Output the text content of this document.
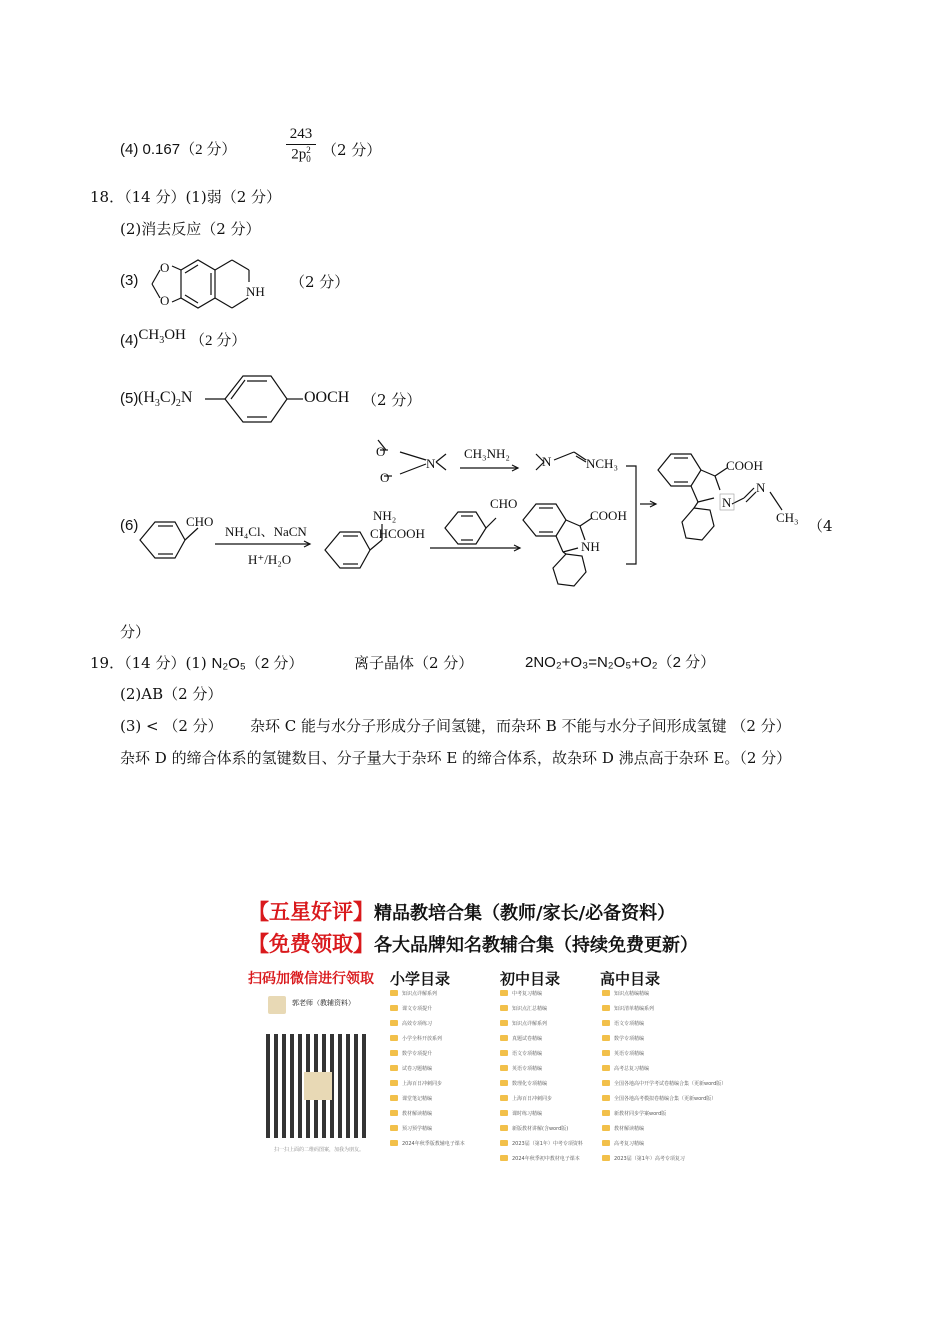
(4) 0.167（2 分）
243
2p 2
0 （2 分）
18．（14 分）(1)弱（2 分）
(2)消去反应（2 分）
(3)
O
O
NH
（2 分）
$(4)CH_3OH$ （2 分）
(5) $(H_3C)_2N$	OOCH （2 分）
(6)	CHO
NH₄Cl、NaCN
H⁺/H₂O
NH₂
CHCOOH
CHO
COOH
NH
O
O
N
CH₃NH₂
N	NCH₃	COOH
N
N
CH₃ （4
分）
19．（14 分）(1) N₂O₅（2 分）	离子晶体（2 分）	2NO₂+O₃=N₂O₅+O₂（2 分）
(2)AB（2 分）
(3) < （2 分） 杂环 C 能与水分子形成分子间氢键，而杂环 B 不能与水分子间形成氢键 （2 分）
杂环 D 的缔合体系的氢键数目、分子量大于杂环 E 的缔合体系，故杂环 D 沸点高于杂环 E。（2 分）
【五星好评】精品教培合集（教师/家长/必备资料）
【免费领取】各大品牌知名教辅合集（持续免费更新）
扫码加微信进行领取
郭老师（教辅资料）
扫一扫上面的二维码图案，加我为朋友。
小学目录	初中目录	高中目录
知识点详解系列
课文专项提升
高效专项练习
小学全科开放系列
数学专项提升
试卷习题精编
上海百日冲刺同步
课堂笔记精编
教材解读精编
预习预学精编
2024年秋季版教辅电子课本
中考复习精编
知识点汇总精编
知识点详解系列
真题试卷精编
语文专项精编
英语专项精编
数理化专项精编
上海百日冲刺同步
课时练习精编
新版教材讲解(含word版)
2023届（第1年）中考专项资料
2024年秋季初中教材电子课本
知识点精编精编
知识清单精编系列
语文专项精编
数学专项精编
英语专项精编
高考总复习精编
全国各地高中开学考试卷精编合集（更新word版）
全国各地高考模拟卷精编合集（更新word版）
新教材同步学案word版
教材解读精编
高考复习精编
2023届（第1年）高考专项复习
